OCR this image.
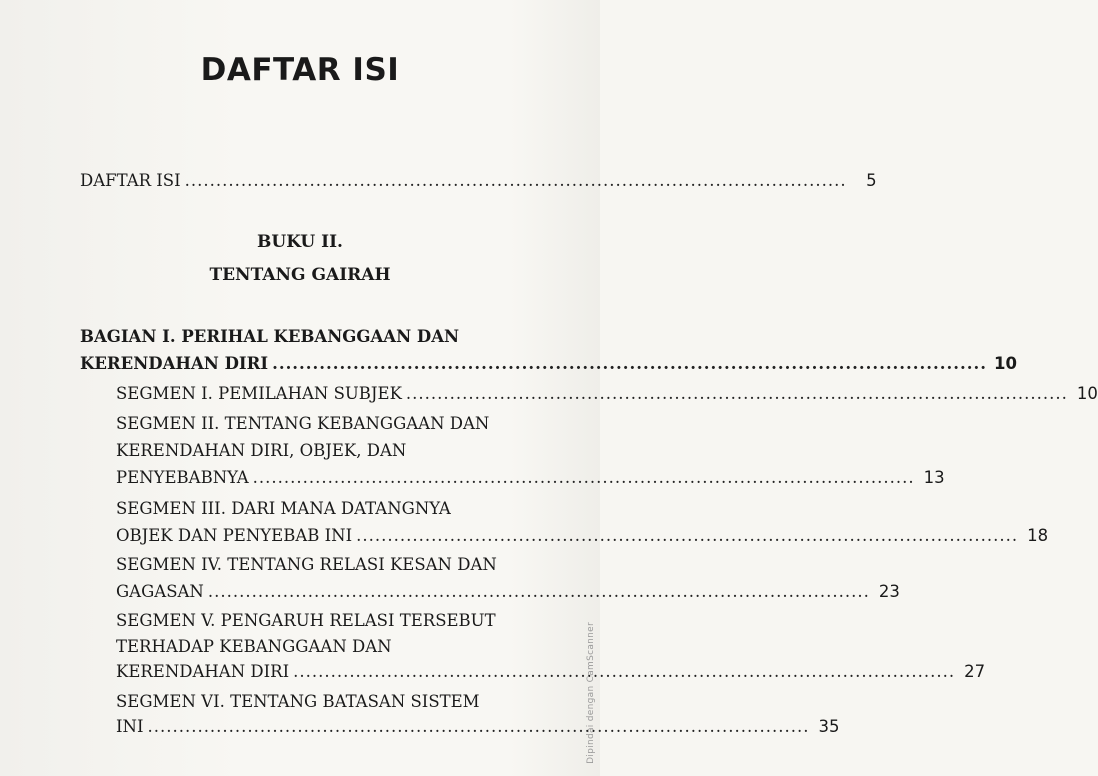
DAFTAR ISI
DAFTAR ISI ..........................................................................................................	5
BUKU II.
TENTANG GAIRAH
BAGIAN I. PERIHAL KEBANGGAAN DAN
KERENDAHAN DIRI .......................................................................................................... 10
SEGMEN I. PEMILAHAN SUBJEK .......................................................................................................... 10
SEGMEN II. TENTANG KEBANGGAAN DAN
KERENDAHAN DIRI, OBJEK, DAN
PENYEBABNYA .......................................................................................................... 13
SEGMEN III. DARI MANA DATANGNYA
OBJEK DAN PENYEBAB INI .......................................................................................................... 18
SEGMEN IV. TENTANG RELASI KESAN DAN
GAGASAN .......................................................................................................... 23
SEGMEN V. PENGARUH RELASI TERSEBUT
TERHADAP KEBANGGAAN DAN
KERENDAHAN DIRI .......................................................................................................... 27
SEGMEN VI. TENTANG BATASAN SISTEM
INI .......................................................................................................... 35
Dipindai dengan CamScanner
